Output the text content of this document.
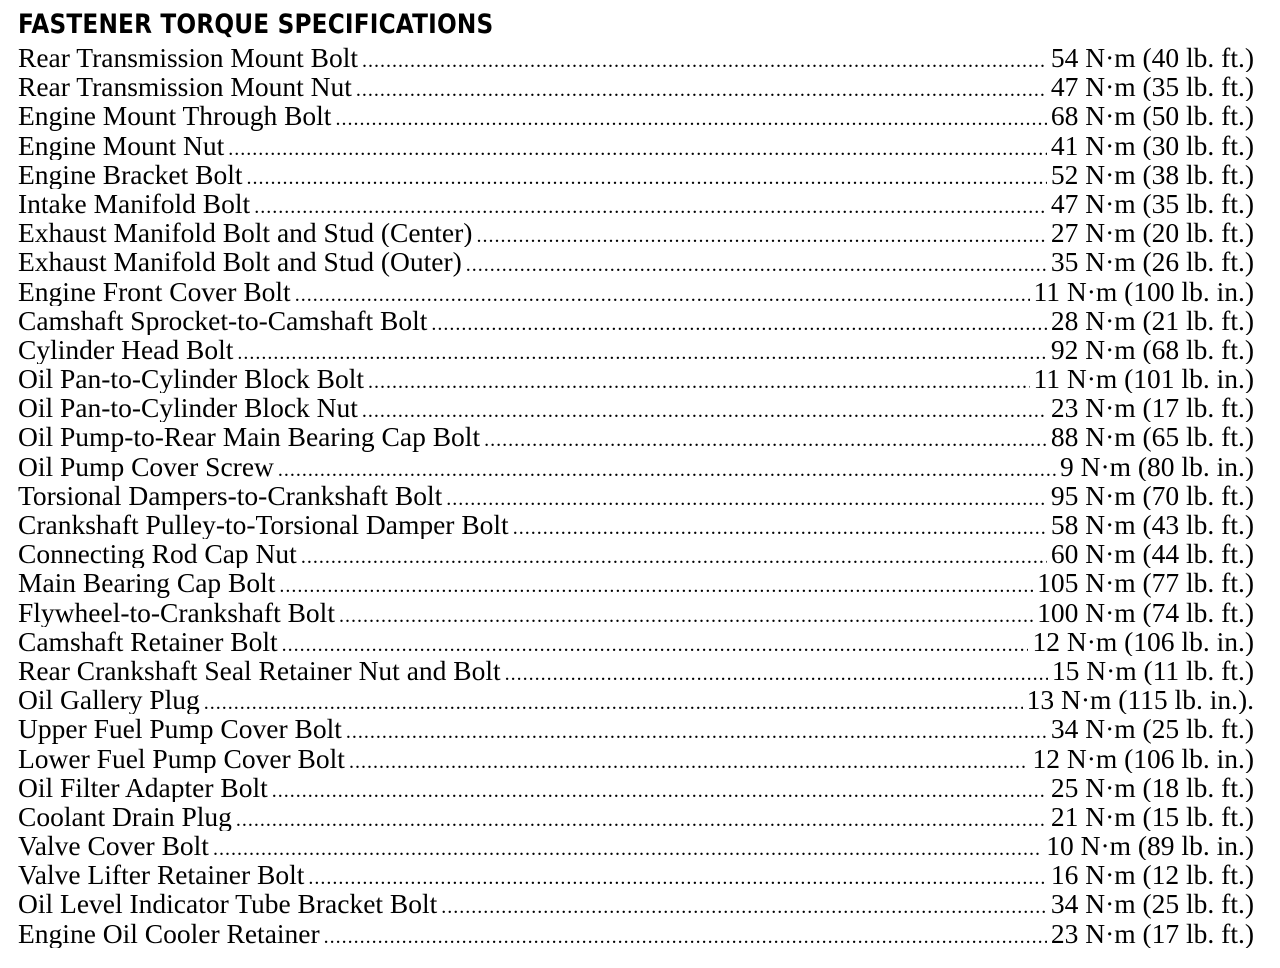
FASTENER TORQUE SPECIFICATIONS
Rear Transmission Mount Bolt .....	54 N·m (40 lb. ft.)
Rear Transmission Mount Nut .....	47 N·m (35 lb. ft.)
Engine Mount Through Bolt .....	68 N·m (50 lb. ft.)
Engine Mount Nut .....	41 N·m (30 lb. ft.)
Engine Bracket Bolt .....	52 N·m (38 lb. ft.)
Intake Manifold Bolt .....	47 N·m (35 lb. ft.)
Exhaust Manifold Bolt and Stud (Center) .....	27 N·m (20 lb. ft.)
Exhaust Manifold Bolt and Stud (Outer) .....	35 N·m (26 lb. ft.)
Engine Front Cover Bolt .....	11 N·m (100 lb. in.)
Camshaft Sprocket-to-Camshaft Bolt .....	28 N·m (21 lb. ft.)
Cylinder Head Bolt .....	92 N·m (68 lb. ft.)
Oil Pan-to-Cylinder Block Bolt .....	11 N·m (101 lb. in.)
Oil Pan-to-Cylinder Block Nut .....	23 N·m (17 lb. ft.)
Oil Pump-to-Rear Main Bearing Cap Bolt .....	88 N·m (65 lb. ft.)
Oil Pump Cover Screw .....	9 N·m (80 lb. in.)
Torsional Dampers-to-Crankshaft Bolt .....	95 N·m (70 lb. ft.)
Crankshaft Pulley-to-Torsional Damper Bolt .....	58 N·m (43 lb. ft.)
Connecting Rod Cap Nut .....	60 N·m (44 lb. ft.)
Main Bearing Cap Bolt .....	105 N·m (77 lb. ft.)
Flywheel-to-Crankshaft Bolt .....	100 N·m (74 lb. ft.)
Camshaft Retainer Bolt .....	12 N·m (106 lb. in.)
Rear Crankshaft Seal Retainer Nut and Bolt .....	15 N·m (11 lb. ft.)
Oil Gallery Plug .....	13 N·m (115 lb. in.).
Upper Fuel Pump Cover Bolt .....	34 N·m (25 lb. ft.)
Lower Fuel Pump Cover Bolt .....	12 N·m (106 lb. in.)
Oil Filter Adapter Bolt .....	25 N·m (18 lb. ft.)
Coolant Drain Plug .....	21 N·m (15 lb. ft.)
Valve Cover Bolt .....	10 N·m (89 lb. in.)
Valve Lifter Retainer Bolt .....	16 N·m (12 lb. ft.)
Oil Level Indicator Tube Bracket Bolt .....	34 N·m (25 lb. ft.)
Engine Oil Cooler Retainer .....	23 N·m (17 lb. ft.)
